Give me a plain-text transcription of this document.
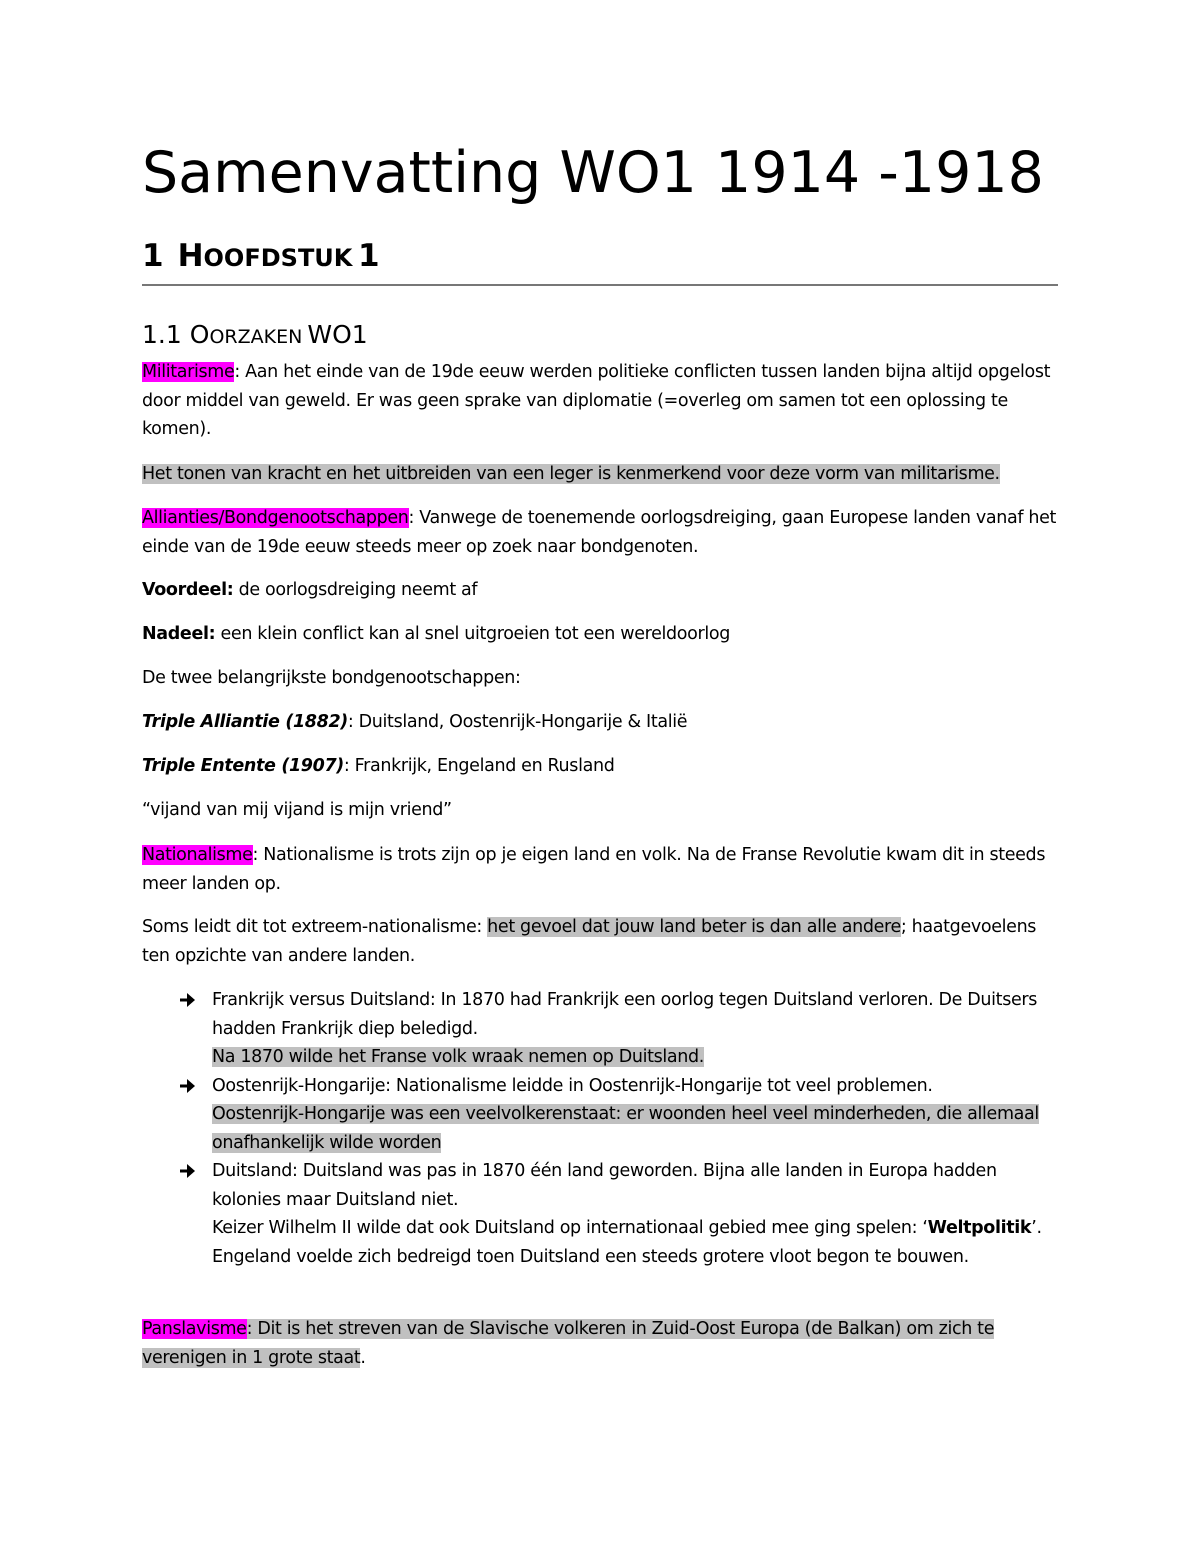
Samenvatting WO1 1914 -1918
1 HOOFDSTUK 1
1.1 OORZAKEN WO1
Militarisme: Aan het einde van de 19de eeuw werden politieke conflicten tussen landen bijna altijd opgelost door middel van geweld. Er was geen sprake van diplomatie (=overleg om samen tot een oplossing te komen).
Het tonen van kracht en het uitbreiden van een leger is kenmerkend voor deze vorm van militarisme.
Allianties/Bondgenootschappen: Vanwege de toenemende oorlogsdreiging, gaan Europese landen vanaf het einde van de 19de eeuw steeds meer op zoek naar bondgenoten.
Voordeel: de oorlogsdreiging neemt af
Nadeel: een klein conflict kan al snel uitgroeien tot een wereldoorlog
De twee belangrijkste bondgenootschappen:
Triple Alliantie (1882): Duitsland, Oostenrijk-Hongarije & Italië
Triple Entente (1907): Frankrijk, Engeland en Rusland
“vijand van mij vijand is mijn vriend”
Nationalisme: Nationalisme is trots zijn op je eigen land en volk. Na de Franse Revolutie kwam dit in steeds meer landen op.
Soms leidt dit tot extreem-nationalisme: het gevoel dat jouw land beter is dan alle andere; haatgevoelens ten opzichte van andere landen.
Frankrijk versus Duitsland: In 1870 had Frankrijk een oorlog tegen Duitsland verloren. De Duitsers hadden Frankrijk diep beledigd.
Na 1870 wilde het Franse volk wraak nemen op Duitsland.
Oostenrijk-Hongarije: Nationalisme leidde in Oostenrijk-Hongarije tot veel problemen.
Oostenrijk-Hongarije was een veelvolkerenstaat: er woonden heel veel minderheden, die allemaal onafhankelijk wilde worden
Duitsland: Duitsland was pas in 1870 één land geworden. Bijna alle landen in Europa hadden kolonies maar Duitsland niet.
Keizer Wilhelm II wilde dat ook Duitsland op internationaal gebied mee ging spelen: ‘Weltpolitik’.
Engeland voelde zich bedreigd toen Duitsland een steeds grotere vloot begon te bouwen.
Panslavisme: Dit is het streven van de Slavische volkeren in Zuid-Oost Europa (de Balkan) om zich te verenigen in 1 grote staat.
